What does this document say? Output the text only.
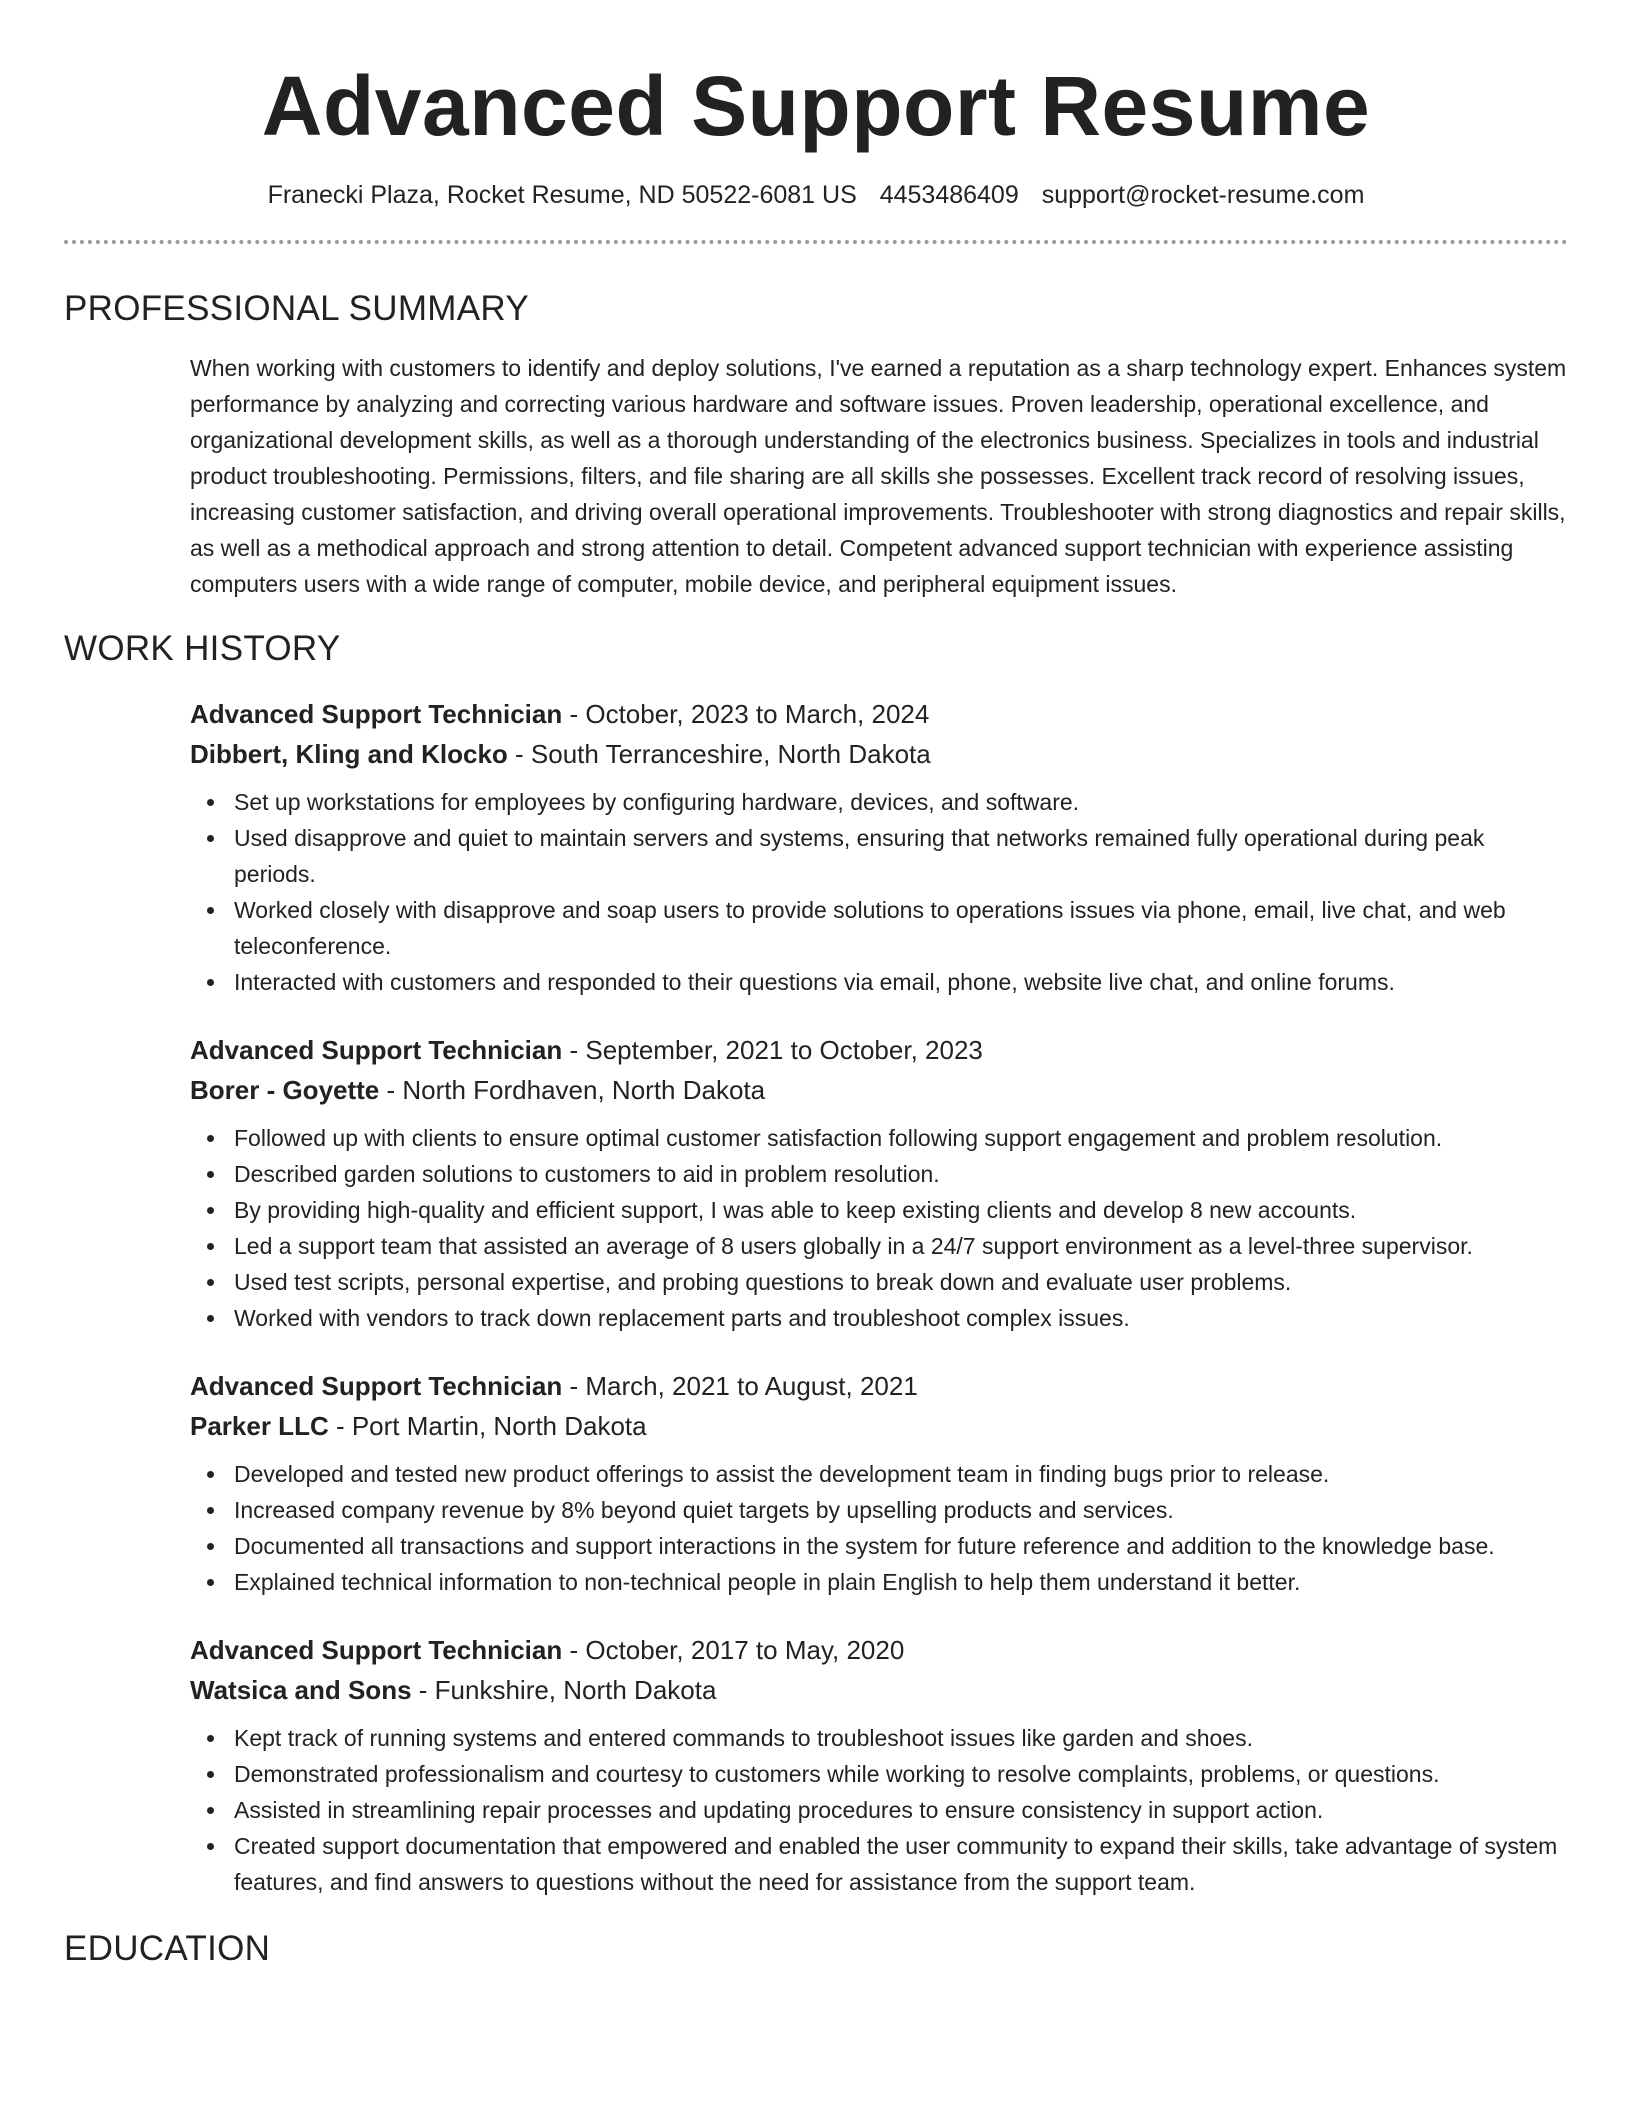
Advanced Support Resume
Franecki Plaza, Rocket Resume, ND 50522-6081 US 4453486409 support@rocket-resume.com
PROFESSIONAL SUMMARY

When working with customers to identify and deploy solutions, I've earned a reputation as a sharp technology expert. Enhances system performance by analyzing and correcting various hardware and software issues. Proven leadership, operational excellence, and organizational development skills, as well as a thorough understanding of the electronics business. Specializes in tools and industrial product troubleshooting. Permissions, filters, and file sharing are all skills she possesses. Excellent track record of resolving issues, increasing customer satisfaction, and driving overall operational improvements. Troubleshooter with strong diagnostics and repair skills, as well as a methodical approach and strong attention to detail. Competent advanced support technician with experience assisting computers users with a wide range of computer, mobile device, and peripheral equipment issues.

WORK HISTORY
Advanced Support Technician - October, 2023 to March, 2024
Dibbert, Kling and Klocko - South Terranceshire, North Dakota
Set up workstations for employees by configuring hardware, devices, and software.
Used disapprove and quiet to maintain servers and systems, ensuring that networks remained fully operational during peak periods.
Worked closely with disapprove and soap users to provide solutions to operations issues via phone, email, live chat, and web teleconference.
Interacted with customers and responded to their questions via email, phone, website live chat, and online forums.
Advanced Support Technician - September, 2021 to October, 2023
Borer - Goyette - North Fordhaven, North Dakota
Followed up with clients to ensure optimal customer satisfaction following support engagement and problem resolution.
Described garden solutions to customers to aid in problem resolution.
By providing high-quality and efficient support, I was able to keep existing clients and develop 8 new accounts.
Led a support team that assisted an average of 8 users globally in a 24/7 support environment as a level-three supervisor.
Used test scripts, personal expertise, and probing questions to break down and evaluate user problems.
Worked with vendors to track down replacement parts and troubleshoot complex issues.
Advanced Support Technician - March, 2021 to August, 2021
Parker LLC - Port Martin, North Dakota
Developed and tested new product offerings to assist the development team in finding bugs prior to release.
Increased company revenue by 8% beyond quiet targets by upselling products and services.
Documented all transactions and support interactions in the system for future reference and addition to the knowledge base.
Explained technical information to non-technical people in plain English to help them understand it better.
Advanced Support Technician - October, 2017 to May, 2020
Watsica and Sons - Funkshire, North Dakota
Kept track of running systems and entered commands to troubleshoot issues like garden and shoes.
Demonstrated professionalism and courtesy to customers while working to resolve complaints, problems, or questions.
Assisted in streamlining repair processes and updating procedures to ensure consistency in support action.
Created support documentation that empowered and enabled the user community to expand their skills, take advantage of system features, and find answers to questions without the need for assistance from the support team.
EDUCATION
